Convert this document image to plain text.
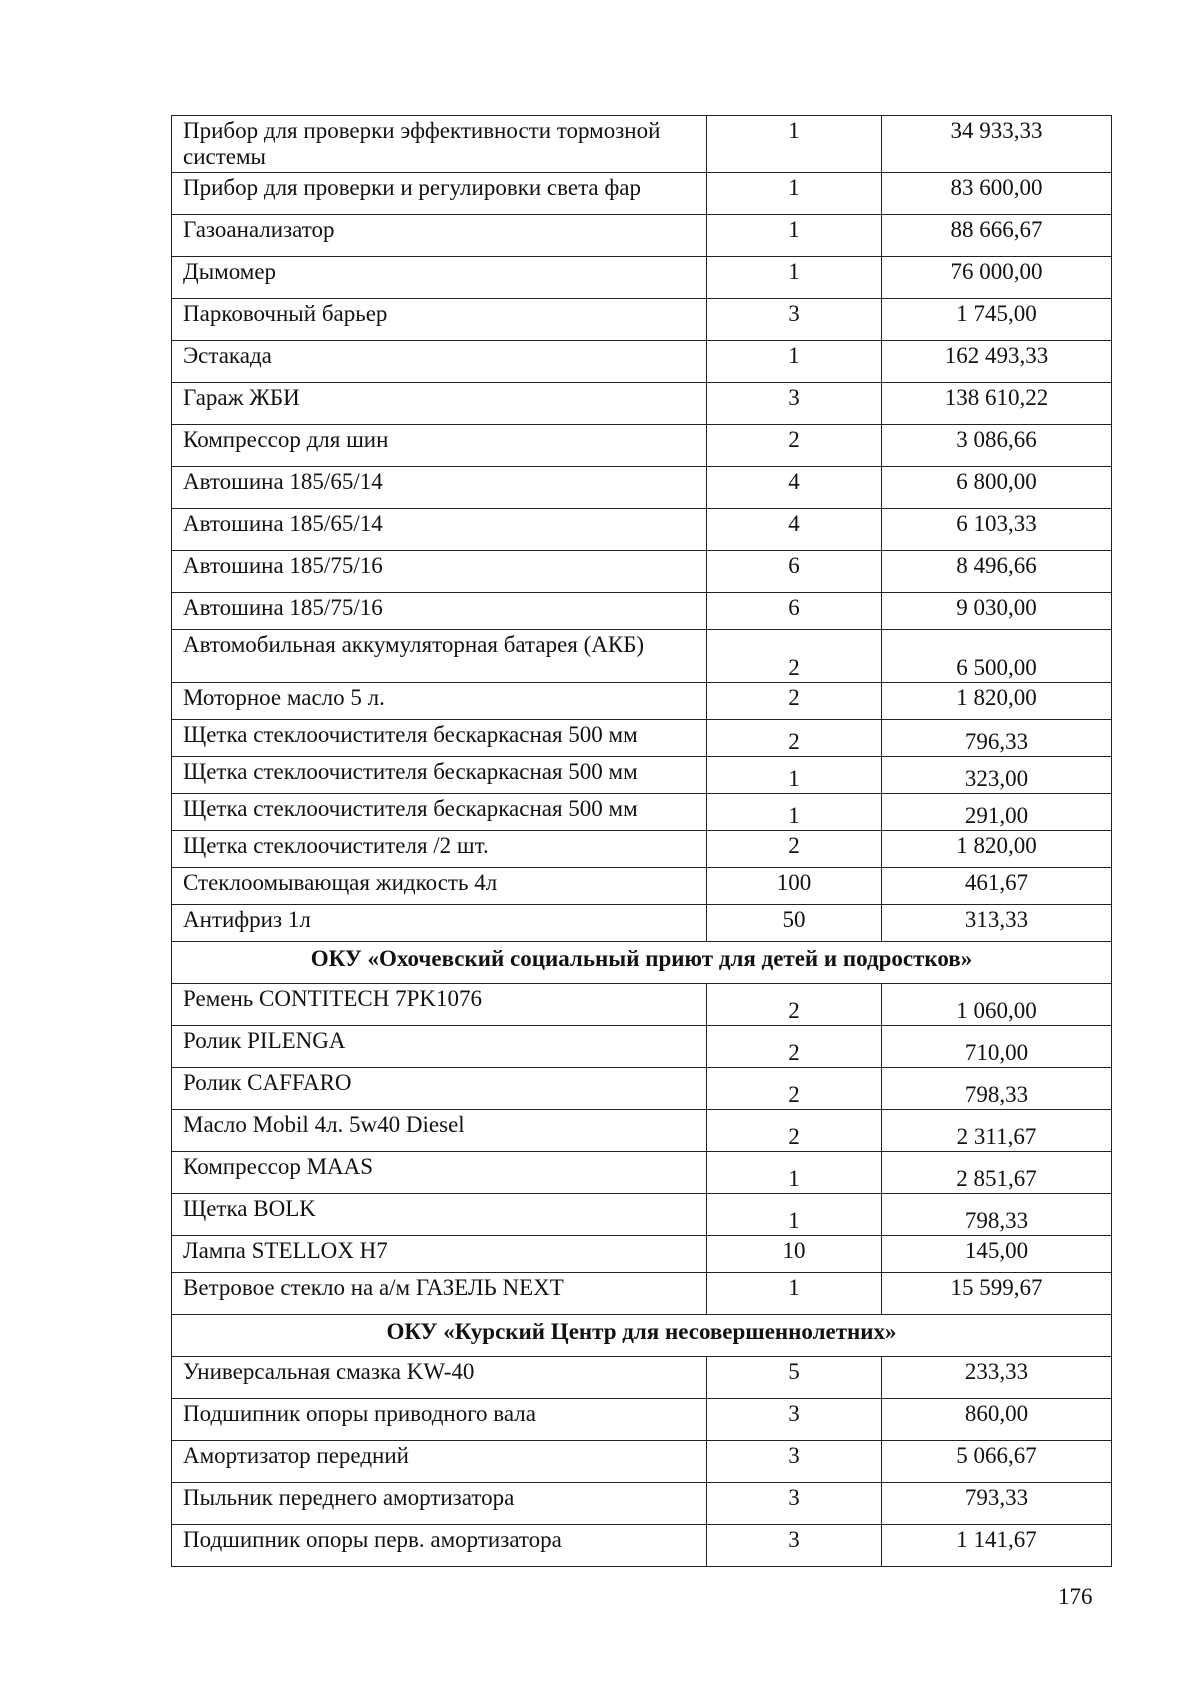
Прибор для проверки эффективности тормозной системы	1	34 933,33
Прибор для проверки и регулировки света фар	1	83 600,00
Газоанализатор	1	88 666,67
Дымомер	1	76 000,00
Парковочный барьер	3	1 745,00
Эстакада	1	162 493,33
Гараж ЖБИ	3	138 610,22
Компрессор для шин	2	3 086,66
Автошина 185/65/14	4	6 800,00
Автошина 185/65/14	4	6 103,33
Автошина 185/75/16	6	8 496,66
Автошина 185/75/16	6	9 030,00
Автомобильная аккумуляторная батарея (АКБ)	2	6 500,00
Моторное масло 5 л.	2	1 820,00
Щетка стеклоочистителя бескаркасная 500 мм	2	796,33
Щетка стеклоочистителя бескаркасная 500 мм	1	323,00
Щетка стеклоочистителя бескаркасная 500 мм	1	291,00
Щетка стеклоочистителя /2 шт.	2	1 820,00
Стеклоомывающая жидкость 4л	100	461,67
Антифриз 1л	50	313,33
ОКУ «Охочевский социальный приют для детей и подростков»		
Ремень CONTITECH 7PK1076	2	1 060,00
Ролик PILENGA	2	710,00
Ролик CAFFARO	2	798,33
Масло Mobil 4л. 5w40 Diesel	2	2 311,67
Компрессор MAAS	1	2 851,67
Щетка BOLK	1	798,33
Лампа STELLOX H7	10	145,00
Ветровое стекло на а/м ГАЗЕЛЬ NEXT	1	15 599,67
ОКУ «Курский Центр для несовершеннолетних»		
Универсальная смазка KW-40	5	233,33
Подшипник опоры приводного вала	3	860,00
Амортизатор передний	3	5 066,67
Пыльник переднего амортизатора	3	793,33
Подшипник опоры перв. амортизатора	3	1 141,67
176
